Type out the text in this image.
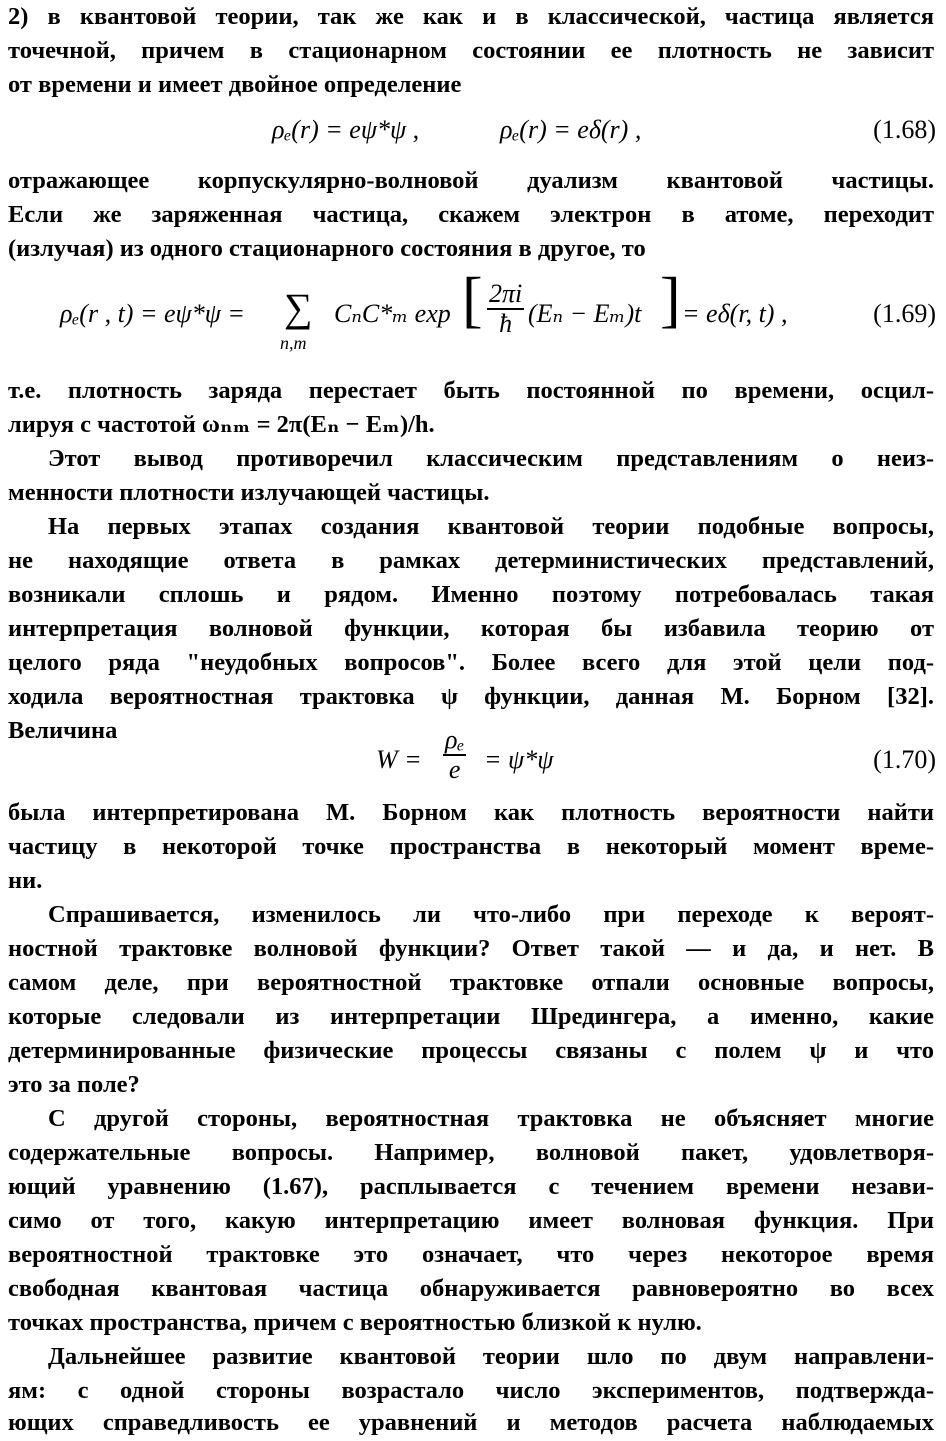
2) в квантовой теории, так же как и в классической, частица является
точечной, причем в стационарном состоянии ее плотность не зависит
от времени и имеет двойное определение
ρₑ(r) = eψ*ψ ,	ρₑ(r) = eδ(r) ,	(1.68)
отражающее корпускулярно-волновой дуализм квантовой частицы.
Если же заряженная частица, скажем электрон в атоме, переходит
(излучая) из одного стационарного состояния в другое, то
ρₑ(r , t) = eψ*ψ = ∑
n,m
CₙC*ₘ exp [ $\frac{2\pi i}{ħ} (E_n - E_m)t$ ] = eδ(r, t) ,	(1.69)
т.е. плотность заряда перестает быть постоянной по времени, осцил-
лируя с частотой ωₙₘ = 2π(Eₙ − Eₘ)/h.
Этот вывод противоречил классическим представлениям о неиз-
менности плотности излучающей частицы.
На первых этапах создания квантовой теории подобные вопросы,
не находящие ответа в рамках детерминистических представлений,
возникали сплошь и рядом. Именно поэтому потребовалась такая
интерпретация волновой функции, которая бы избавила теорию от
целого ряда "неудобных вопросов". Более всего для этой цели под-
ходила вероятностная трактовка ψ функции, данная М. Борном [32].
Величина
$W = \frac{\text{ρₑ}}{e} = \psi*\psi$	(1.70)
была интерпретирована М. Борном как плотность вероятности найти
частицу в некоторой точке пространства в некоторый момент време-
ни.
Спрашивается, изменилось ли что-либо при переходе к вероят-
ностной трактовке волновой функции? Ответ такой — и да, и нет. В
самом деле, при вероятностной трактовке отпали основные вопросы,
которые следовали из интерпретации Шредингера, а именно, какие
детерминированные физические процессы связаны с полем ψ и что
это за поле?
С другой стороны, вероятностная трактовка не объясняет многие
содержательные вопросы. Например, волновой пакет, удовлетворя-
ющий уравнению (1.67), расплывается с течением времени незави-
симо от того, какую интерпретацию имеет волновая функция. При
вероятностной трактовке это означает, что через некоторое время
свободная квантовая частица обнаруживается равновероятно во всех
точках пространства, причем с вероятностью близкой к нулю.
Дальнейшее развитие квантовой теории шло по двум направлени-
ям: с одной стороны возрастало число экспериментов, подтвержда-
ющих справедливость ее уравнений и методов расчета наблюдаемых
